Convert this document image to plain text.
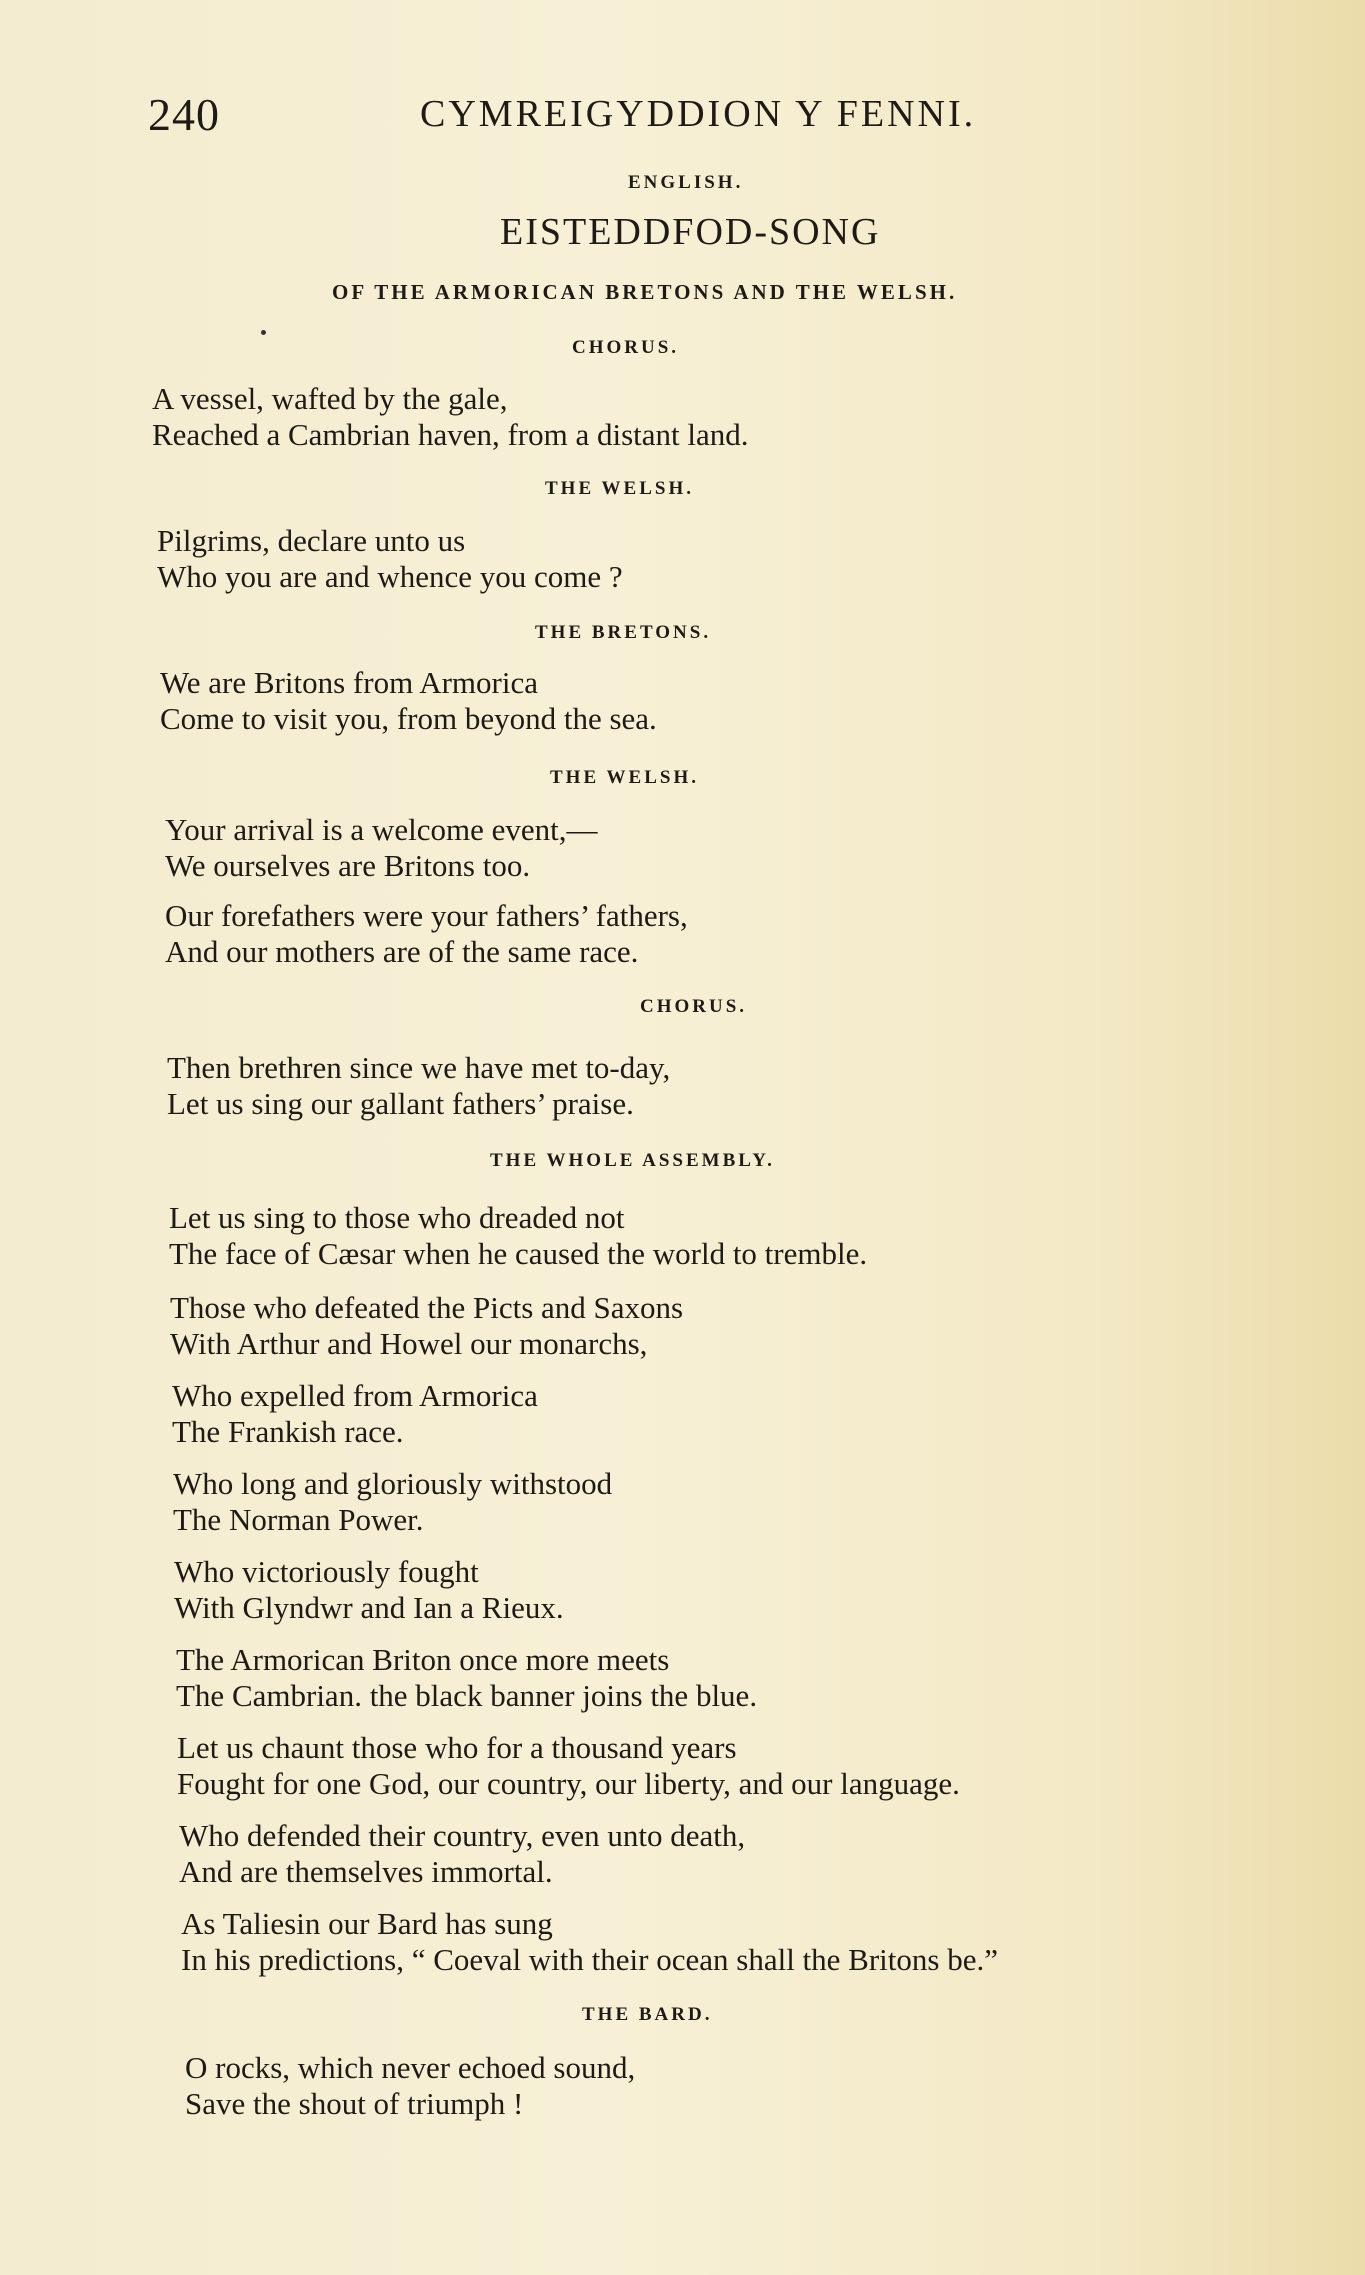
240	CYMREIGYDDION Y FENNI.
ENGLISH.
EISTEDDFOD-SONG
OF THE ARMORICAN BRETONS AND THE WELSH.
CHORUS.
A vessel, wafted by the gale,
Reached a Cambrian haven, from a distant land.
THE WELSH.
Pilgrims, declare unto us
Who you are and whence you come ?
THE BRETONS.
We are Britons from Armorica
Come to visit you, from beyond the sea.
THE WELSH.
Your arrival is a welcome event,—
We ourselves are Britons too.
Our forefathers were your fathers’ fathers,
And our mothers are of the same race.
CHORUS.
Then brethren since we have met to-day,
Let us sing our gallant fathers’ praise.
THE WHOLE ASSEMBLY.
Let us sing to those who dreaded not
The face of Cæsar when he caused the world to tremble.
Those who defeated the Picts and Saxons
With Arthur and Howel our monarchs,
Who expelled from Armorica
The Frankish race.
Who long and gloriously withstood
The Norman Power.
Who victoriously fought
With Glyndwr and Ian a Rieux.
The Armorican Briton once more meets
The Cambrian. the black banner joins the blue.
Let us chaunt those who for a thousand years
Fought for one God, our country, our liberty, and our language.
Who defended their country, even unto death,
And are themselves immortal.
As Taliesin our Bard has sung
In his predictions, “ Coeval with their ocean shall the Britons be.”
THE BARD.
O rocks, which never echoed sound,
Save the shout of triumph !
